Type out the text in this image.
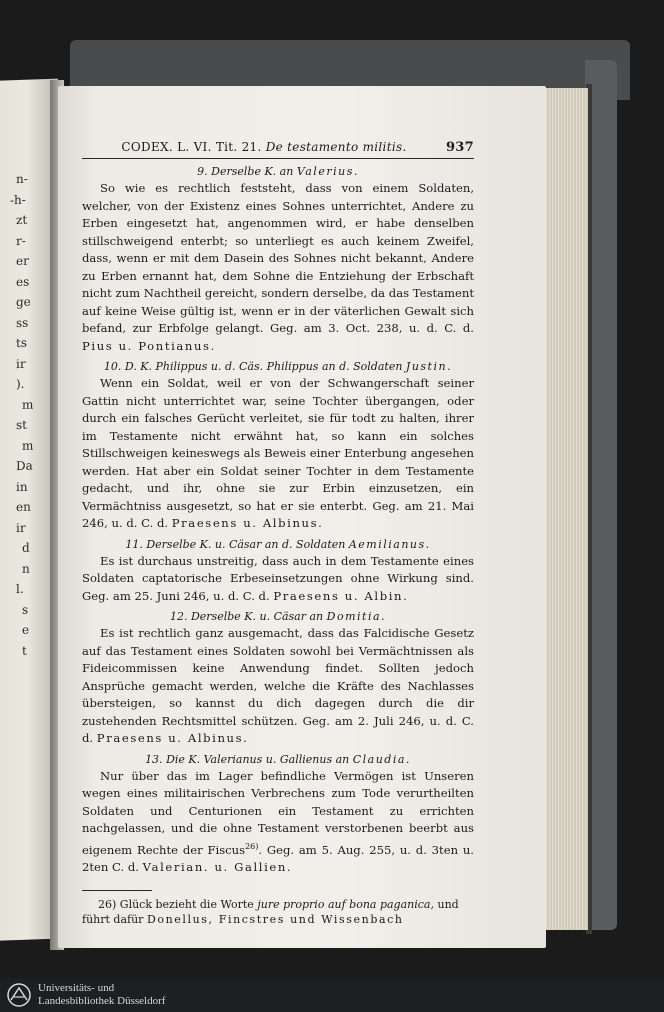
n-
-h-
zt
r-
er
es
ge
ss
ts
ir
).
m
st
m
Da
in
en
ir
d
n
l.
s
e
t
CODEX. L. VI. Tit. 21. De testamento militis.	937
9. Derselbe K. an Valerius.

So wie es rechtlich feststeht, dass von einem Soldaten, welcher, von der Existenz eines Sohnes unterrichtet, Andere zu Erben eingesetzt hat, angenommen wird, er habe denselben stillschweigend enterbt; so unterliegt es auch keinem Zweifel, dass, wenn er mit dem Dasein des Sohnes nicht bekannt, Andere zu Erben ernannt hat, dem Sohne die Entziehung der Erbschaft nicht zum Nachtheil gereicht, sondern derselbe, da das Testament auf keine Weise gültig ist, wenn er in der väterlichen Gewalt sich befand, zur Erbfolge gelangt. Geg. am 3. Oct. 238, u. d. C. d. Pius u. Pontianus.

10. D. K. Philippus u. d. Cäs. Philippus an d. Soldaten Justin.

Wenn ein Soldat, weil er von der Schwangerschaft seiner Gattin nicht unterrichtet war, seine Tochter übergangen, oder durch ein falsches Gerücht verleitet, sie für todt zu halten, ihrer im Testamente nicht erwähnt hat, so kann ein solches Stillschweigen keineswegs als Beweis einer Enterbung angesehen werden. Hat aber ein Soldat seiner Tochter in dem Testamente gedacht, und ihr, ohne sie zur Erbin einzusetzen, ein Vermächtniss ausgesetzt, so hat er sie enterbt. Geg. am 21. Mai 246, u. d. C. d. Praesens u. Albinus.

11. Derselbe K. u. Cäsar an d. Soldaten Aemilianus.

Es ist durchaus unstreitig, dass auch in dem Testamente eines Soldaten captatorische Erbeseinsetzungen ohne Wirkung sind. Geg. am 25. Juni 246, u. d. C. d. Praesens u. Albin.

12. Derselbe K. u. Cäsar an Domitia.

Es ist rechtlich ganz ausgemacht, dass das Falcidische Gesetz auf das Testament eines Soldaten sowohl bei Vermächtnissen als Fideicommissen keine Anwendung findet. Sollten jedoch Ansprüche gemacht werden, welche die Kräfte des Nachlasses übersteigen, so kannst du dich dagegen durch die dir zustehenden Rechtsmittel schützen. Geg. am 2. Juli 246, u. d. C. d. Praesens u. Albinus.

13. Die K. Valerianus u. Gallienus an Claudia.

Nur über das im Lager befindliche Vermögen ist Unseren wegen eines militairischen Verbrechens zum Tode verurtheilten Soldaten und Centurionen ein Testament zu errichten nachgelassen, und die ohne Testament verstorbenen beerbt aus eigenem Rechte der Fiscus$^{26)}$. Geg. am 5. Aug. 255, u. d. 3ten u. 2ten C. d. Valerian. u. Gallien.

26) Glück bezieht die Worte jure proprio auf bona paganica, und führt dafür Donellus, Fincstres und Wissenbach

Universitäts- und
Landesbibliothek Düsseldorf
